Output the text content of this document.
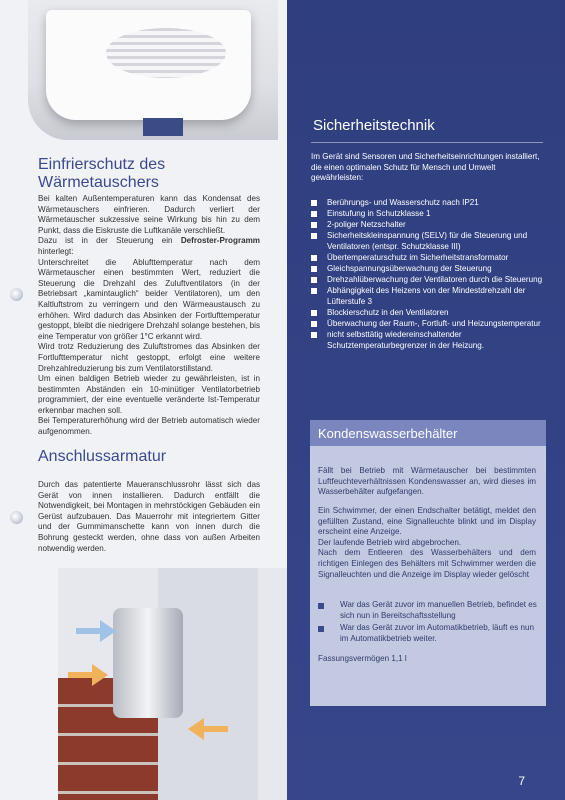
Einfrierschutz des Wärmetauschers

Bei kalten Außentemperaturen kann das Kondensat des Wärmetauschers einfrieren. Dadurch verliert der Wärmetauscher sukzessive seine Wirkung bis hin zu dem Punkt, dass die Eiskruste die Luftkanäle verschließt.

Dazu ist in der Steuerung ein Defroster-Programm hinterlegt:

Unterschreitet die Ablufttemperatur nach dem Wärmetauscher einen bestimmten Wert, reduziert die Steuerung die Drehzahl des Zuluftventilators (in der Betriebsart „kamintauglich“ beider Ventilatoren), um den Kaltluftstrom zu verringern und den Wärmeaustausch zu erhöhen. Wird dadurch das Absinken der Fortlufttemperatur gestoppt, bleibt die niedrigere Drehzahl solange bestehen, bis eine Temperatur von größer 1°C erkannt wird.

Wird trotz Reduzierung des Zuluftstromes das Absinken der Fortlufttemperatur nicht gestoppt, erfolgt eine weitere Drehzahlreduzierung bis zum Ventilatorstillstand.

Um einen baldigen Betrieb wieder zu gewährleisten, ist in bestimmten Abständen ein 10-minütiger Ventilatorbetrieb programmiert, der eine eventuelle veränderte Ist-Temperatur erkennbar machen soll.

Bei Temperaturerhöhung wird der Betrieb automatisch wieder aufgenommen.

Anschlussarmatur

Durch das patentierte Maueranschlussrohr lässt sich das Gerät von innen installieren. Dadurch entfällt die Notwendigkeit, bei Montagen in mehrstöckigen Gebäuden ein Gerüst aufzubauen. Das Mauerrohr mit integriertem Gitter und der Gummimanschette kann von innen durch die Bohrung gesteckt werden, ohne dass von außen Arbeiten notwendig werden.

Sicherheitstechnik
Im Gerät sind Sensoren und Sicherheitseinrichtungen installiert, die einen optimalen Schutz für Mensch und Umwelt gewährleisten:
Berührungs- und Wasserschutz nach IP21
Einstufung in Schutzklasse 1
2-poliger Netzschalter
Sicherheitskleinspannung (SELV) für die Steuerung und Ventilatoren (entspr. Schutzklasse III)
Übertemperaturschutz im Sicherheitstransformator
Gleichspannungsüberwachung der Steuerung
Drehzahlüberwachung der Ventilatoren durch die Steuerung
Abhängigkeit des Heizens von der Mindestdrehzahl der Lüfterstufe 3
Blockierschutz in den Ventilatoren
Überwachung der Raum-, Fortluft- und Heizungstemperatur
nicht selbsttätig wiedereinschaltender Schutztemperaturbegrenzer in der Heizung.
Kondenswasserbehälter

Fällt bei Betrieb mit Wärmetauscher bei bestimmten Luftfeuchteverhältnissen Kondenswasser an, wird dieses im Wasserbehälter aufgefangen.

Ein Schwimmer, der einen Endschalter betätigt, meldet den gefüllten Zustand, eine Signalleuchte blinkt und im Display erscheint eine Anzeige.

Der laufende Betrieb wird abgebrochen.

Nach dem Entleeren des Wasserbehälters und dem richtigen Einlegen des Behälters mit Schwimmer werden die Signalleuchten und die Anzeige im Display wieder gelöscht

War das Gerät zuvor im manuellen Betrieb, befindet es sich nun in Bereitschaftsstellung
War das Gerät zuvor im Automatikbetrieb, läuft es nun im Automatikbetrieb weiter.
Fassungsvermögen 1,1 l
7
